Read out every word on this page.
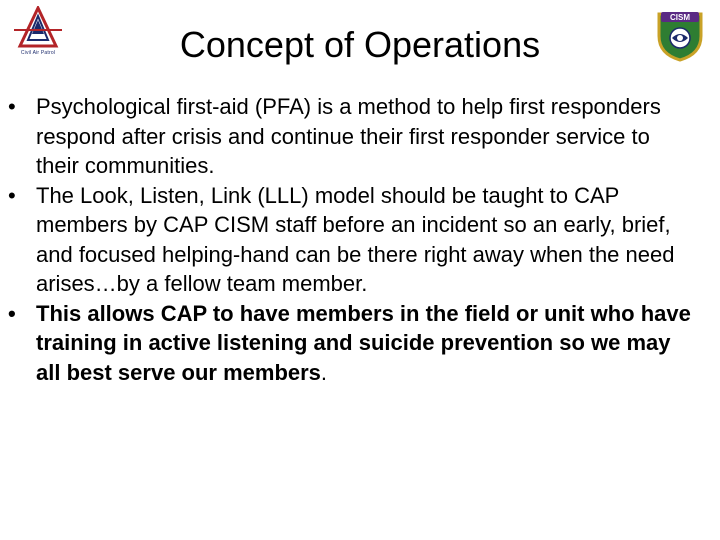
Civil Air Patrol	Concept of Operations
CISM
• Psychological first-aid (PFA) is a method to help first responders respond after crisis and continue their first responder service to their communities.
• The Look, Listen, Link (LLL) model should be taught to CAP members by CAP CISM staff before an incident so an early, brief, and focused helping-hand can be there right away when the need arises…by a fellow team member.
• This allows CAP to have members in the field or unit who have training in active listening and suicide prevention so we may all best serve our members.
